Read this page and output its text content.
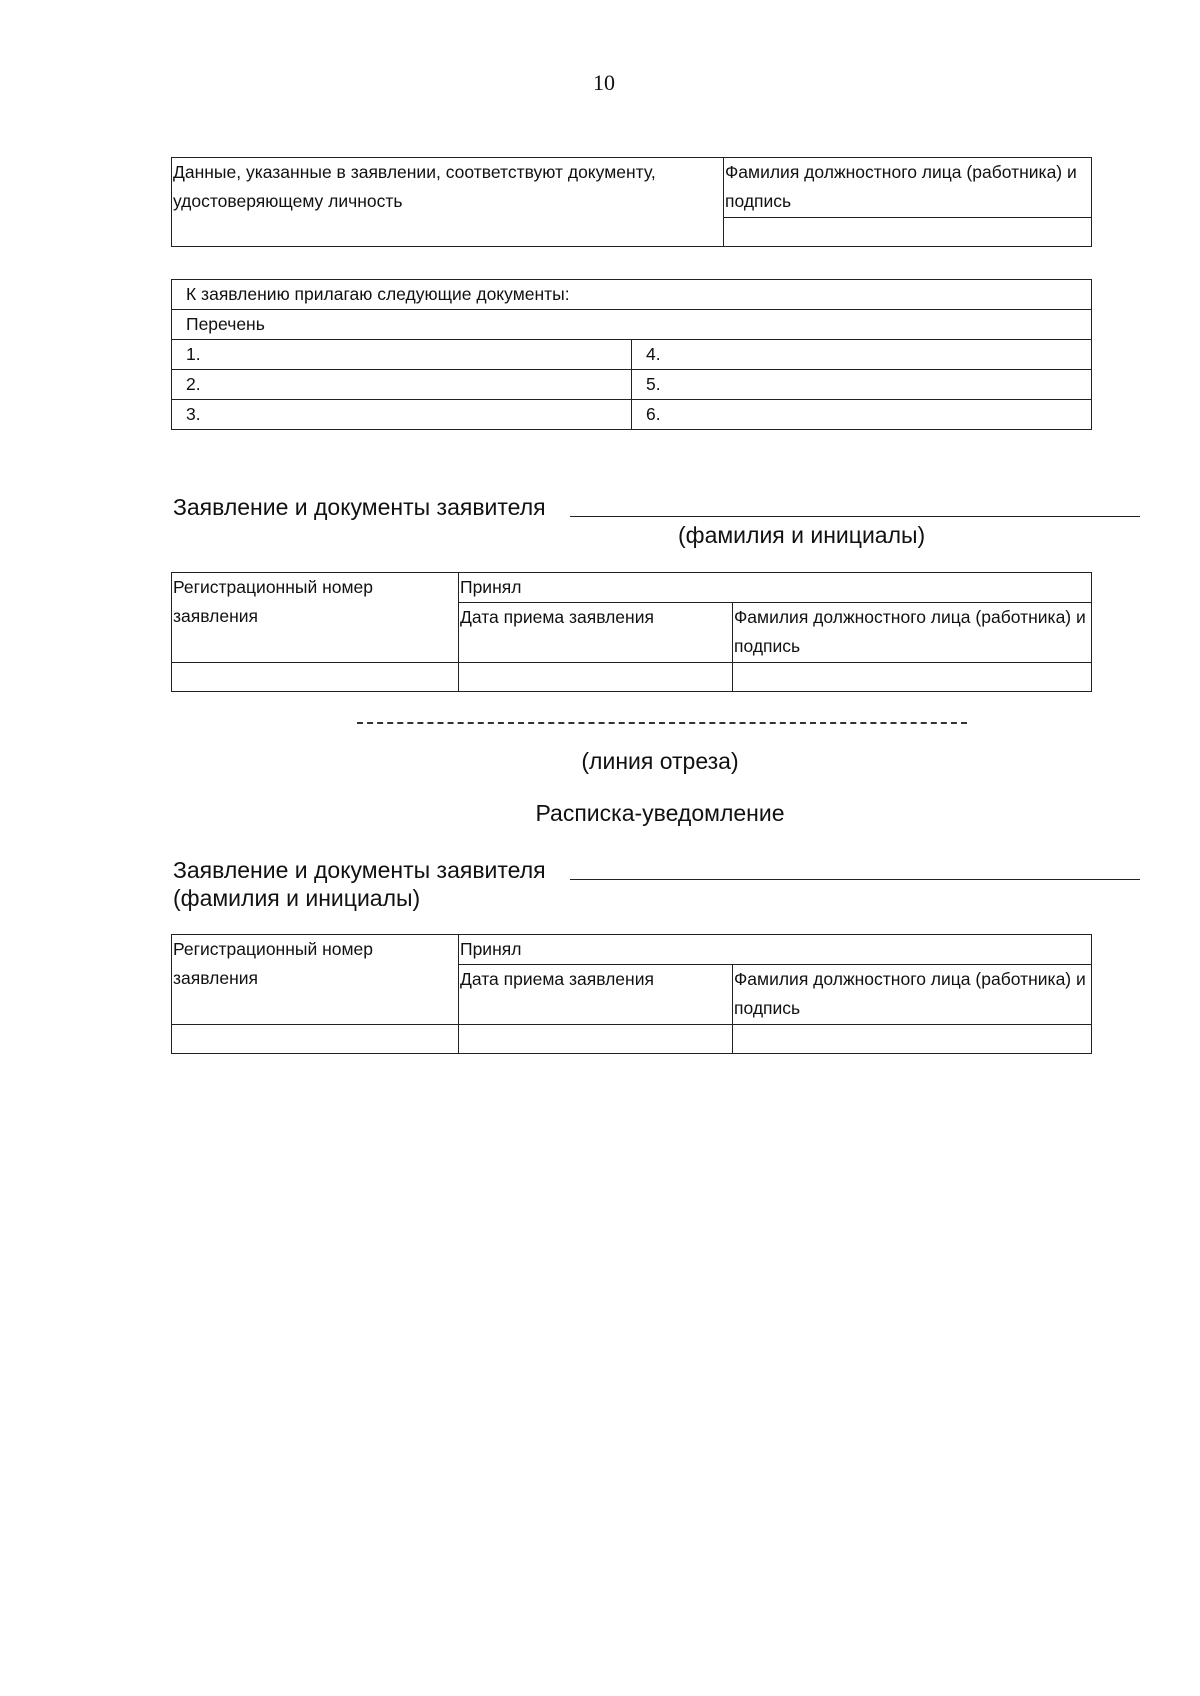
10
Данные, указанные в заявлении, соответствуют документу, удостоверяющему личность	Фамилия должностного лица (работника) и подпись

К заявлению прилагаю следующие документы:	
Перечень	
1.	4.
2.	5.
3.	6.
Заявление и документы заявителя
(фамилия и инициалы)
Регистрационный номер заявления	Принял	
	Дата приема заявления	Фамилия должностного лица (работника) и подпись

(линия отреза)
Расписка-уведомление
Заявление и документы заявителя
(фамилия и инициалы)
Регистрационный номер заявления	Принял	
	Дата приема заявления	Фамилия должностного лица (работника) и подпись
